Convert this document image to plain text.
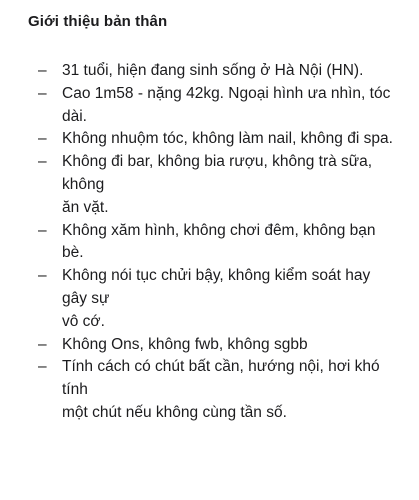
Giới thiệu bản thân
– 31 tuổi, hiện đang sinh sống ở Hà Nội (HN).
– Cao 1m58 - nặng 42kg. Ngoại hình ưa nhìn, tóc dài.
– Không nhuộm tóc, không làm nail, không đi spa.
– Không đi bar, không bia rượu, không trà sữa, không
ăn vặt.
– Không xăm hình, không chơi đêm, không bạn bè.
– Không nói tục chửi bậy, không kiểm soát hay gây sự
vô cớ.
– Không Ons, không fwb, không sgbb
– Tính cách có chút bất cần, hướng nội, hơi khó tính
một chút nếu không cùng tần số.
